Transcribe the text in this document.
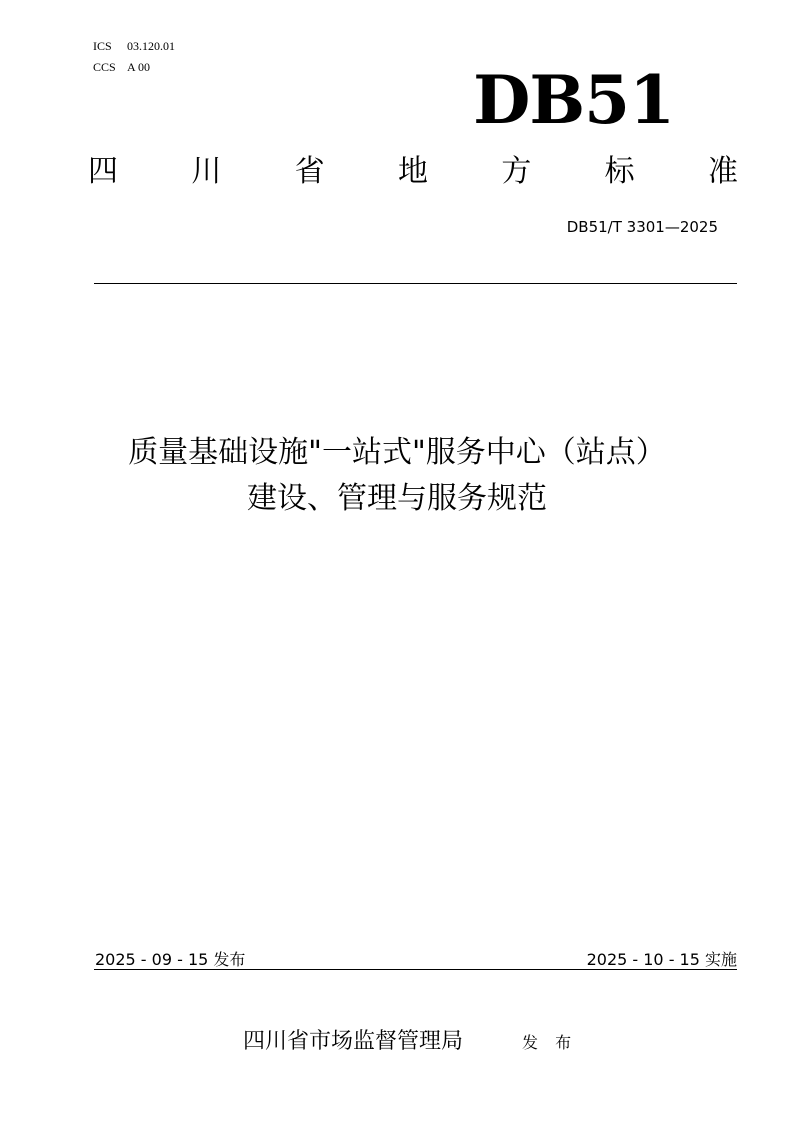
ICS 03.120.01
CCS A 00	DB51
四 川 省 地 方 标 准
DB51/T 3301—2025
质量基础设施"一站式"服务中心（站点）
建设、管理与服务规范
2025 - 09 - 15 发布	2025 - 10 - 15 实施
四川省市场监督管理局	发 布
